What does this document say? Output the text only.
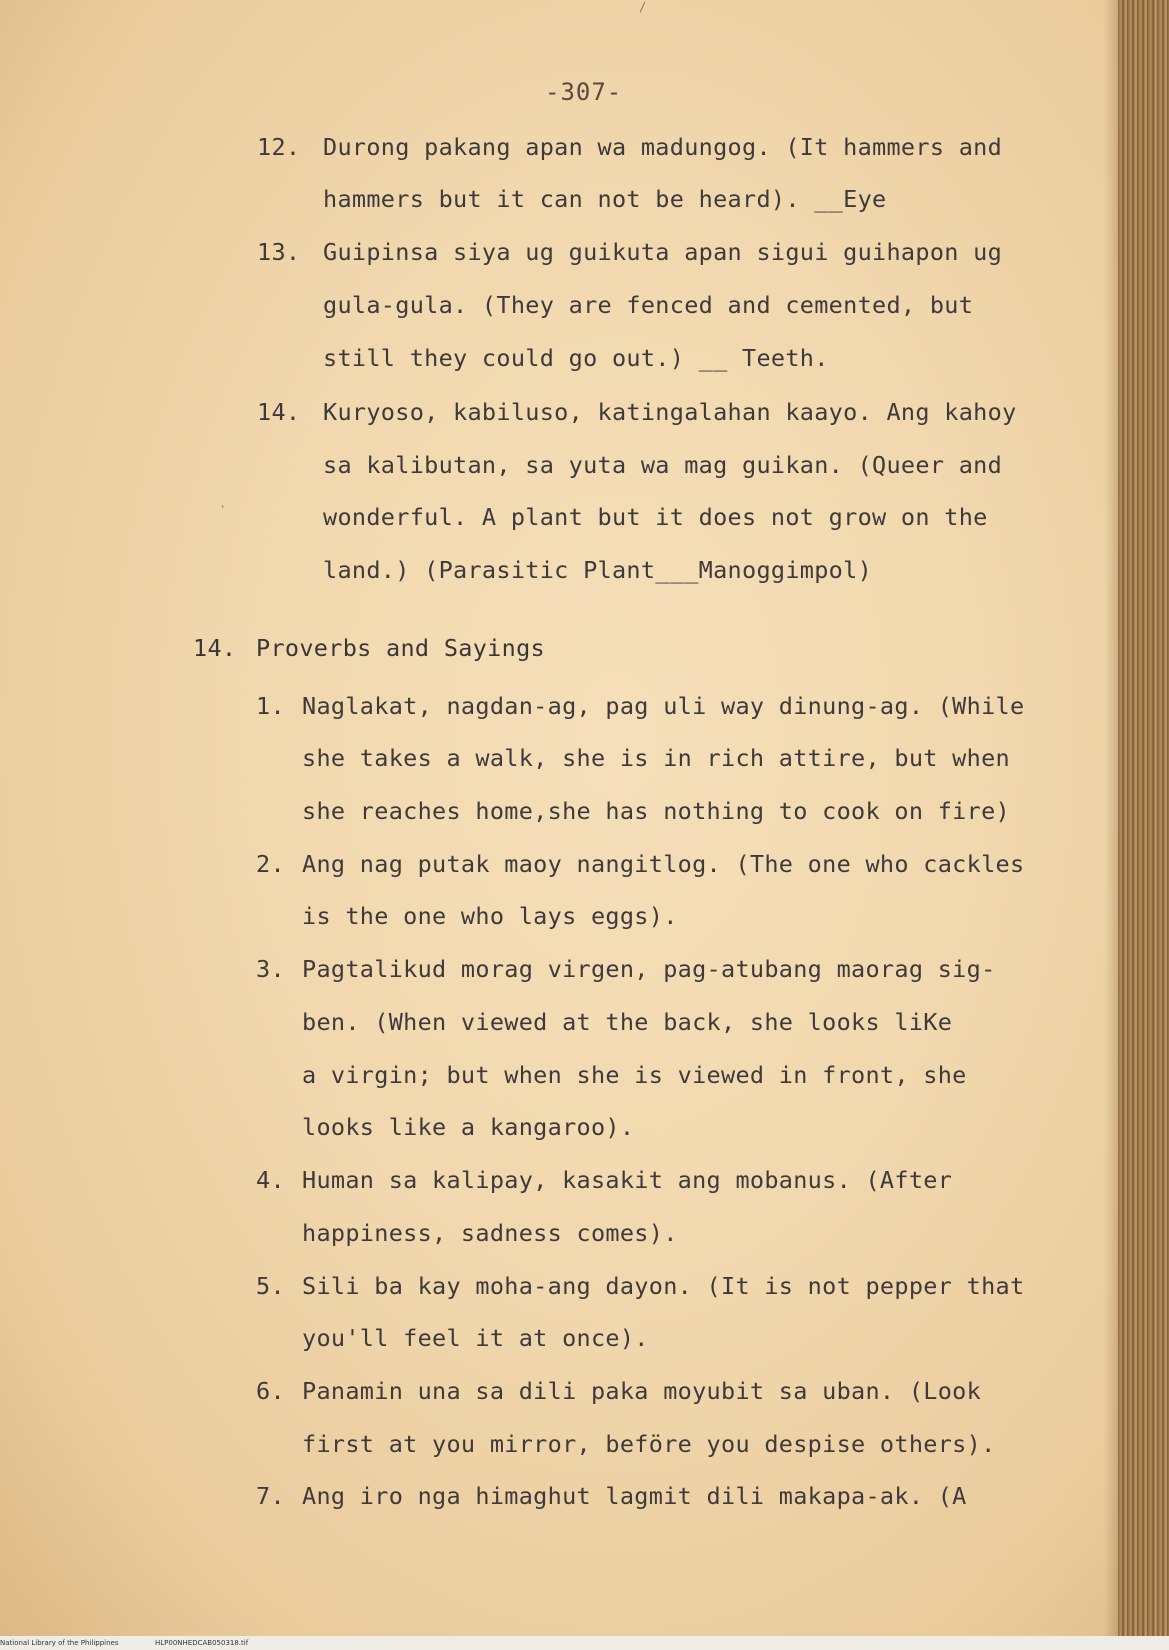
-307-
12. Durong pakang apan wa madungog. (It hammers and
hammers but it can not be heard). __Eye
13. Guipinsa siya ug guikuta apan sigui guihapon ug
gula-gula. (They are fenced and cemented, but
still they could go out.) __ Teeth.
14. Kuryoso, kabiluso, katingalahan kaayo. Ang kahoy
sa kalibutan, sa yuta wa mag guikan. (Queer and
wonderful. A plant but it does not grow on the
land.) (Parasitic Plant___Manoggimpol)
14. Proverbs and Sayings
1. Naglakat, nagdan-ag, pag uli way dinung-ag. (While
she takes a walk, she is in rich attire, but when
she reaches home,she has nothing to cook on fire)
2. Ang nag putak maoy nangitlog. (The one who cackles
is the one who lays eggs).
3. Pagtalikud morag virgen, pag-atubang maorag sig-
ben. (When viewed at the back, she looks liKe
a virgin; but when she is viewed in front, she
looks like a kangaroo).
4. Human sa kalipay, kasakit ang mobanus. (After
happiness, sadness comes).
5. Sili ba kay moha-ang dayon. (It is not pepper that
you'll feel it at once).
6. Panamin una sa dili paka moyubit sa uban. (Look
first at you mirror, beföre you despise others).
7. Ang iro nga himaghut lagmit dili makapa-ak. (A
·
/
National Library of the Philippines	HLP00NHEDCAB050318.tif
